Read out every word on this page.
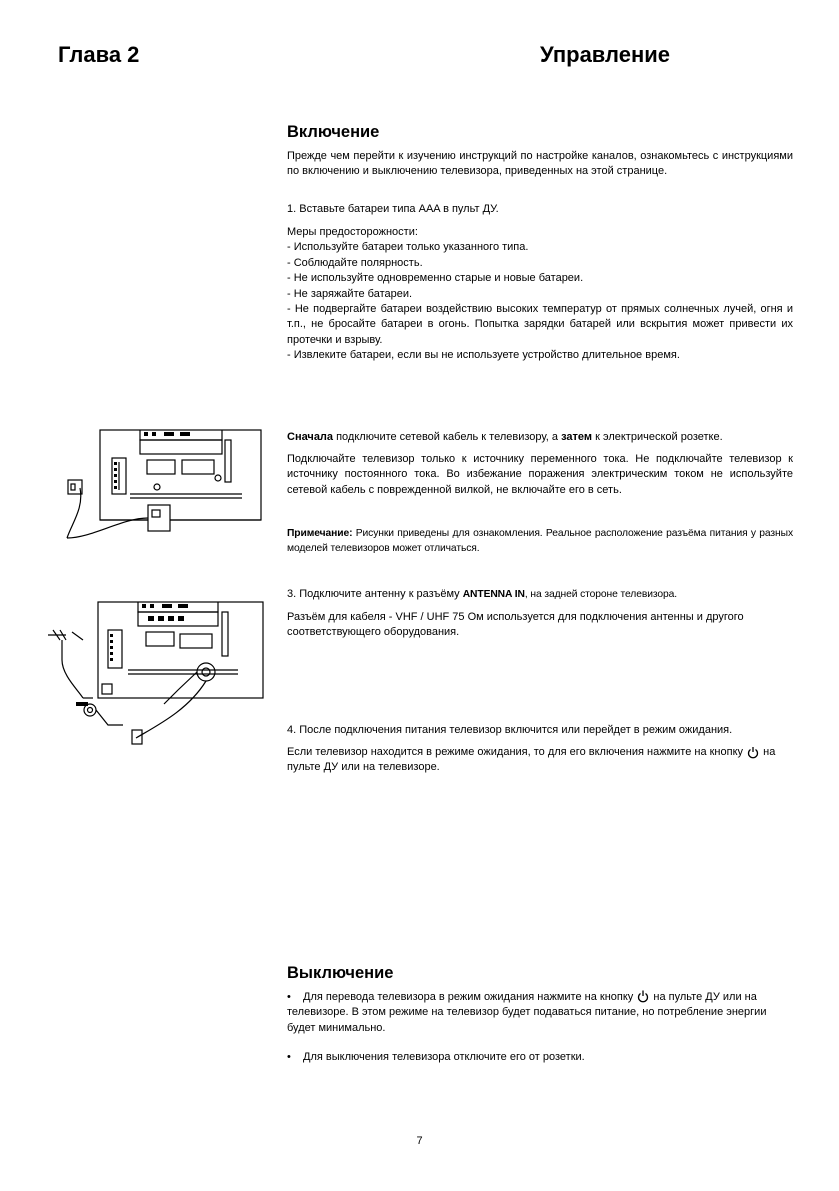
Глава 2	Управление
Включение
Прежде чем перейти к изучению инструкций по настройке каналов, ознакомьтесь с инструкциями по включению и выключению телевизора, приведенных на этой странице.
1. Вставьте батареи типа AAA в пульт ДУ.
Меры предосторожности:
- Используйте батареи только указанного типа.
- Соблюдайте полярность.
- Не используйте одновременно старые и новые батареи.
- Не заряжайте батареи.
- Не подвергайте батареи воздействию высоких температур от прямых солнечных лучей, огня и т.п., не бросайте батареи в огонь. Попытка зарядки батарей или вскрытия может привести их протечки и взрыву.
- Извлеките батареи, если вы не используете устройство длительное время.
Сначала подключите сетевой кабель к телевизору, а затем к электрической розетке.
Подключайте телевизор только к источнику переменного тока. Не подключайте телевизор к источнику постоянного тока. Во избежание поражения электрическим током не используйте сетевой кабель с поврежденной вилкой, не включайте его в сеть.
Примечание: Рисунки приведены для ознакомления. Реальное расположение разъёма питания у разных моделей телевизоров может отличаться.
3. Подключите антенну к разъёму ANTENNA IN, на задней стороне телевизора.
Разъём для кабеля - VHF / UHF 75 Ом используется для подключения антенны и другого соответствующего оборудования.
4. После подключения питания телевизор включится или перейдет в режим ожидания.
Если телевизор находится в режиме ожидания, то для его включения нажмите на кнопку  на пульте ДУ или на телевизоре.
Выключение
• Для перевода телевизора в режим ожидания нажмите на кнопку  на пульте ДУ или на телевизоре. В этом режиме на телевизор будет подаваться питание, но потребление энергии будет минимально.
• Для выключения телевизора отключите его от розетки.
7
